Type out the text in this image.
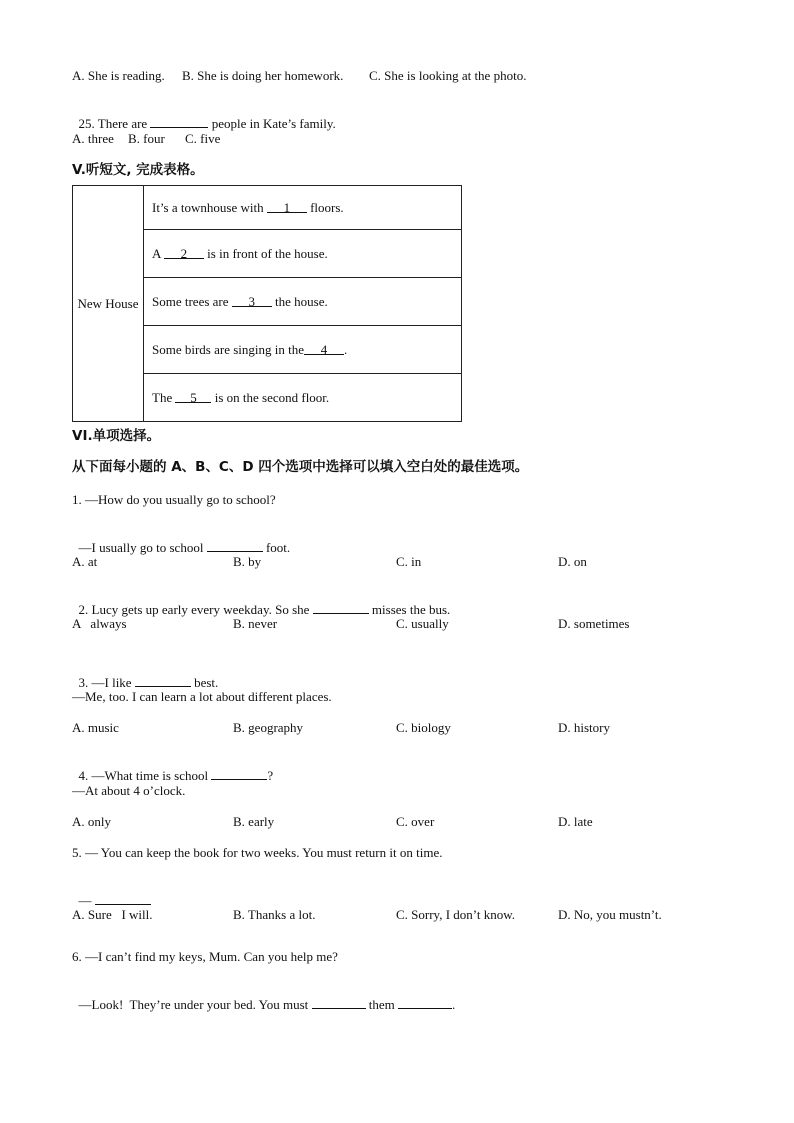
A. She is reading. B. She is doing her homework. C. She is looking at the photo.

25. There are	people in Kate’s family.

A. three B. four C. five
V.听短文, 完成表格。
New House	It’s a townhouse with 1 floors.
A 2 is in front of the house.
Some trees are 3 the house.
Some birds are singing in the 4 .
The 5 is on the second floor.
VI.单项选择。
从下面每小题的 A、B、C、D 四个选项中选择可以填入空白处的最佳选项。
1. —How do you usually go to school?

—I usually go to school	foot.

A. at	B. by	C. in	D. on

2. Lucy gets up early every weekday. So she	misses the bus.

A   always	B. never	C. usually	D. sometimes

3. —I like	best.

—Me, too. I can learn a lot about different places.
A. music	B. geography	C. biology	D. history

4. —What time is school	?

—At about 4 o’clock.
A. only	B. early	C. over	D. late
5. — You can keep the book for two weeks. You must return it on time.

—

A. Sure   I will.	B. Thanks a lot.	C. Sorry, I don’t know.	D. No, you mustn’t.
6. —I can’t find my keys, Mum. Can you help me?

—Look!  They’re under your bed. You must	them	.
